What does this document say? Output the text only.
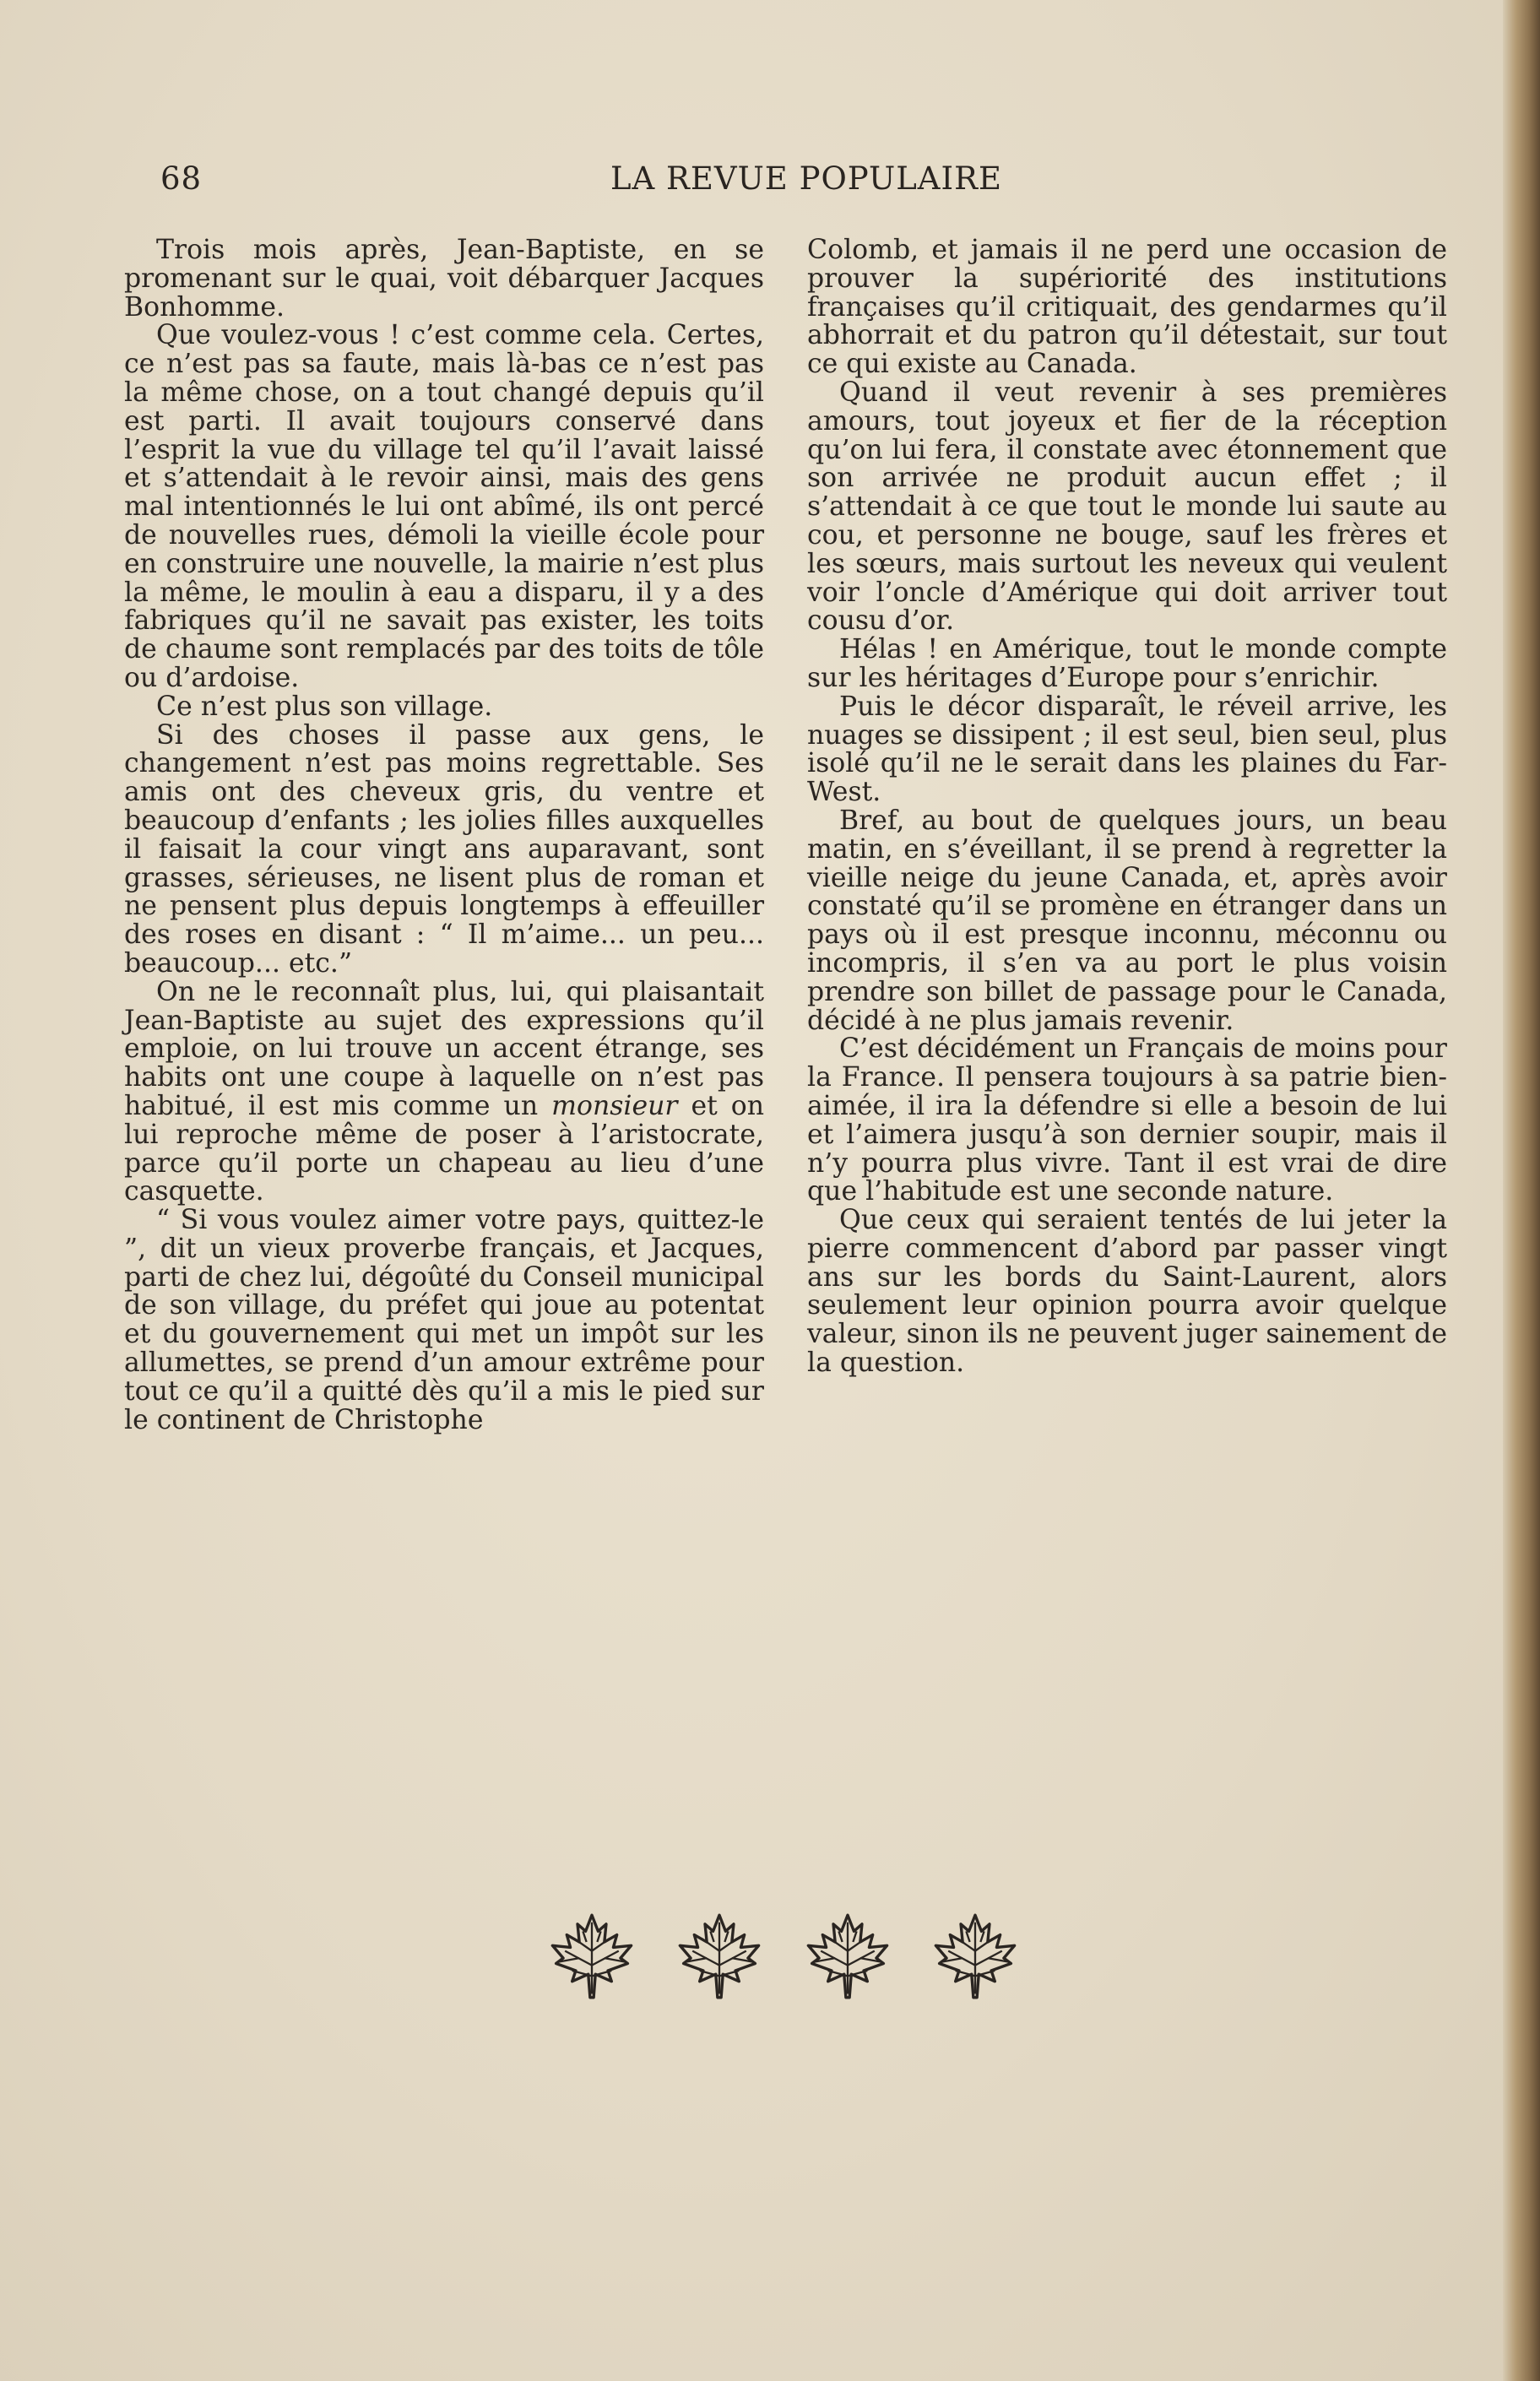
68	LA REVUE POPULAIRE

Trois mois après, Jean-Baptiste, en se promenant sur le quai, voit débarquer Jacques Bonhomme.

Que voulez-vous ! c’est comme cela. Certes, ce n’est pas sa faute, mais là-bas ce n’est pas la même chose, on a tout changé depuis qu’il est parti. Il avait toujours conservé dans l’esprit la vue du village tel qu’il l’avait laissé et s’attendait à le revoir ainsi, mais des gens mal intentionnés le lui ont abîmé, ils ont percé de nouvelles rues, démoli la vieille école pour en construire une nouvelle, la mairie n’est plus la même, le moulin à eau a disparu, il y a des fabriques qu’il ne savait pas exister, les toits de chaume sont remplacés par des toits de tôle ou d’ardoise.

Ce n’est plus son village.

Si des choses il passe aux gens, le changement n’est pas moins regrettable. Ses amis ont des cheveux gris, du ventre et beaucoup d’enfants ; les jolies filles auxquelles il faisait la cour vingt ans auparavant, sont grasses, sérieuses, ne lisent plus de roman et ne pensent plus depuis longtemps à effeuiller des roses en disant : “ Il m’aime... un peu... beaucoup... etc.”

On ne le reconnaît plus, lui, qui plaisantait Jean-Baptiste au sujet des expressions qu’il emploie, on lui trouve un accent étrange, ses habits ont une coupe à laquelle on n’est pas habitué, il est mis comme un monsieur et on lui reproche même de poser à l’aristocrate, parce qu’il porte un chapeau au lieu d’une casquette.

“ Si vous voulez aimer votre pays, quittez-le ”, dit un vieux proverbe français, et Jacques, parti de chez lui, dégoûté du Conseil municipal de son village, du préfet qui joue au potentat et du gouvernement qui met un impôt sur les allumettes, se prend d’un amour extrême pour tout ce qu’il a quitté dès qu’il a mis le pied sur le continent de Christophe

Colomb, et jamais il ne perd une occasion de prouver la supériorité des institutions françaises qu’il critiquait, des gendarmes qu’il abhorrait et du patron qu’il détestait, sur tout ce qui existe au Canada.

Quand il veut revenir à ses premières amours, tout joyeux et fier de la réception qu’on lui fera, il constate avec étonnement que son arrivée ne produit aucun effet ; il s’attendait à ce que tout le monde lui saute au cou, et personne ne bouge, sauf les frères et les sœurs, mais surtout les neveux qui veulent voir l’oncle d’Amérique qui doit arriver tout cousu d’or.

Hélas ! en Amérique, tout le monde compte sur les héritages d’Europe pour s’enrichir.

Puis le décor disparaît, le réveil arrive, les nuages se dissipent ; il est seul, bien seul, plus isolé qu’il ne le serait dans les plaines du Far-West.

Bref, au bout de quelques jours, un beau matin, en s’éveillant, il se prend à regretter la vieille neige du jeune Canada, et, après avoir constaté qu’il se promène en étranger dans un pays où il est presque inconnu, méconnu ou incompris, il s’en va au port le plus voisin prendre son billet de passage pour le Canada, décidé à ne plus jamais revenir.

C’est décidément un Français de moins pour la France. Il pensera toujours à sa patrie bien-aimée, il ira la défendre si elle a besoin de lui et l’aimera jusqu’à son dernier soupir, mais il n’y pourra plus vivre. Tant il est vrai de dire que l’habitude est une seconde nature.

Que ceux qui seraient tentés de lui jeter la pierre commencent d’abord par passer vingt ans sur les bords du Saint-Laurent, alors seulement leur opinion pourra avoir quelque valeur, sinon ils ne peuvent juger sainement de la question.
